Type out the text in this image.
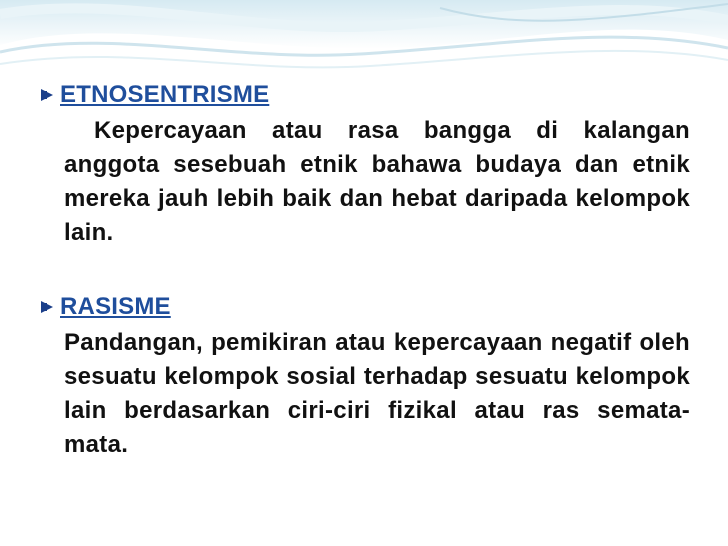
ETNOSENTRISME
Kepercayaan atau rasa bangga di kalangan anggota sesebuah etnik bahawa budaya dan etnik mereka jauh lebih baik dan hebat daripada kelompok lain.
RASISME
Pandangan, pemikiran atau kepercayaan negatif oleh sesuatu kelompok sosial terhadap sesuatu kelompok lain berdasarkan ciri-ciri fizikal atau ras semata-mata.
